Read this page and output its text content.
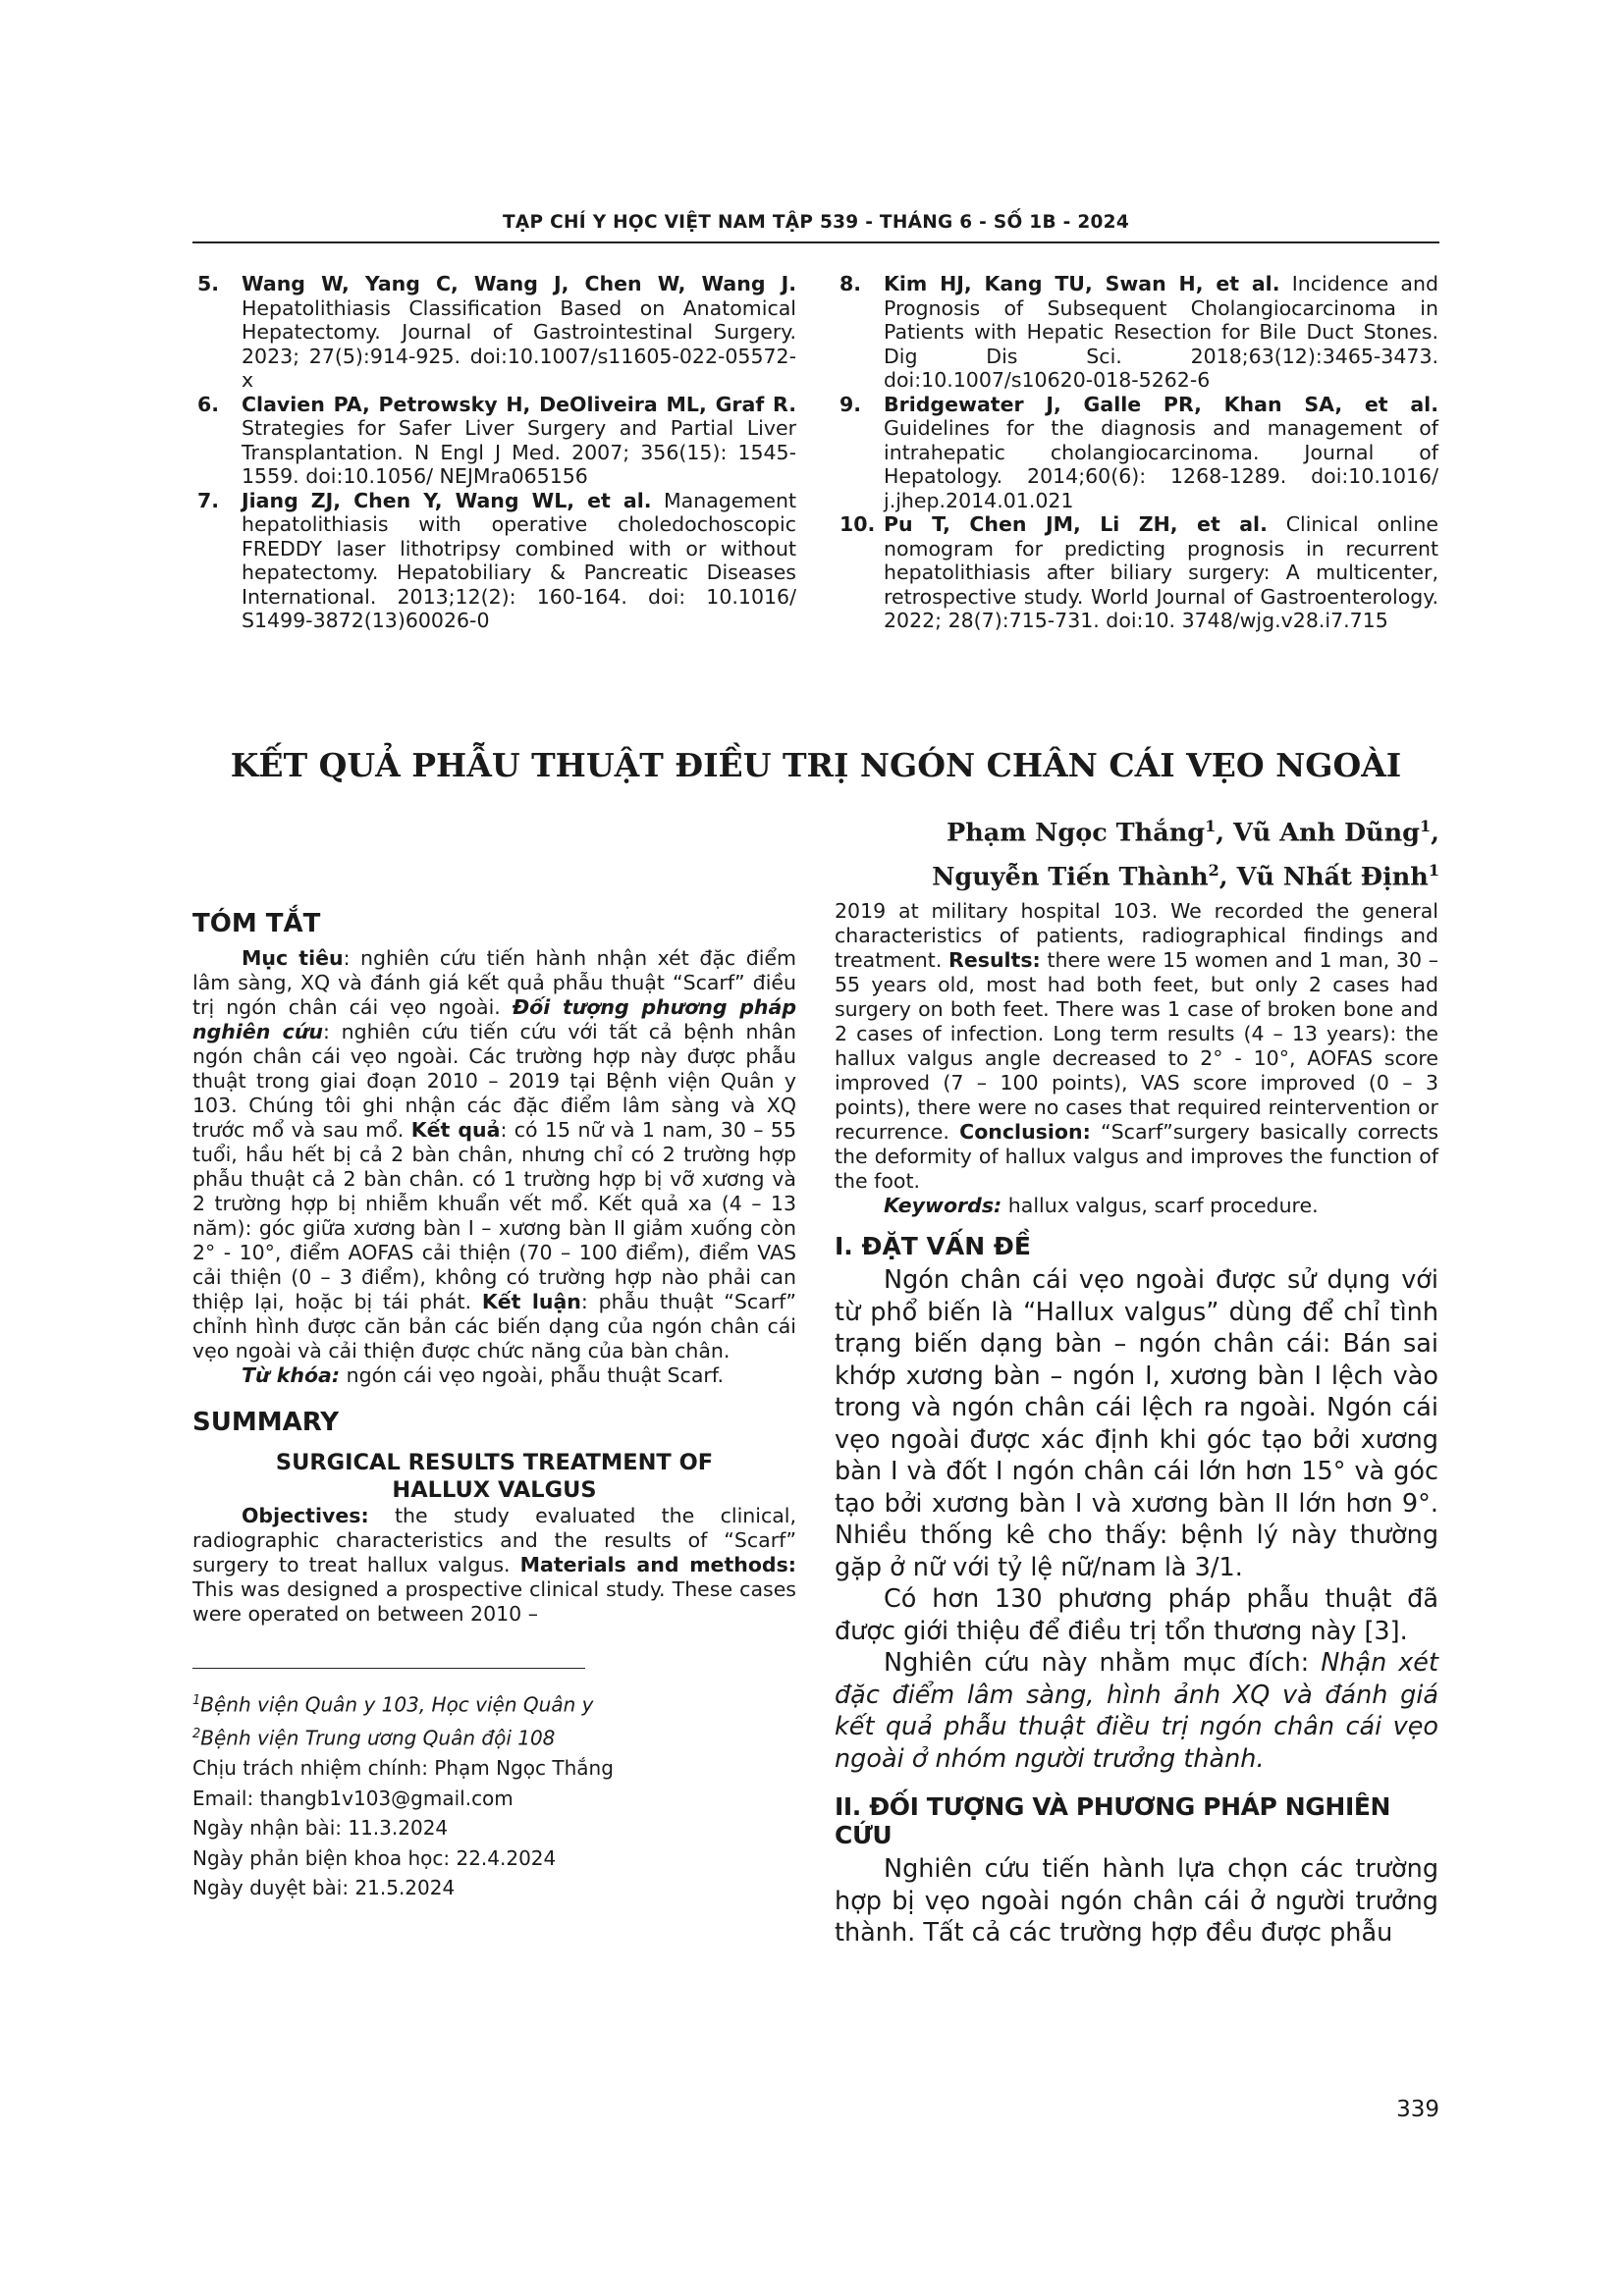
TẠP CHÍ Y HỌC VIỆT NAM TẬP 539 - THÁNG 6 - SỐ 1B - 2024
5. Wang W, Yang C, Wang J, Chen W, Wang J. Hepatolithiasis Classification Based on Anatomical Hepatectomy. Journal of Gastrointestinal Surgery. 2023; 27(5):914-925. doi:10.1007/s11605-022-05572-x
6. Clavien PA, Petrowsky H, DeOliveira ML, Graf R. Strategies for Safer Liver Surgery and Partial Liver Transplantation. N Engl J Med. 2007; 356(15): 1545-1559. doi:10.1056/ NEJMra065156
7. Jiang ZJ, Chen Y, Wang WL, et al. Management hepatolithiasis with operative choledochoscopic FREDDY laser lithotripsy combined with or without hepatectomy. Hepatobiliary & Pancreatic Diseases International. 2013;12(2): 160-164. doi: 10.1016/ S1499-3872(13)60026-0
8. Kim HJ, Kang TU, Swan H, et al. Incidence and Prognosis of Subsequent Cholangiocarcinoma in Patients with Hepatic Resection for Bile Duct Stones. Dig Dis Sci. 2018;63(12):3465-3473. doi:10.1007/s10620-018-5262-6
9. Bridgewater J, Galle PR, Khan SA, et al. Guidelines for the diagnosis and management of intrahepatic cholangiocarcinoma. Journal of Hepatology. 2014;60(6): 1268-1289. doi:10.1016/ j.jhep.2014.01.021
10. Pu T, Chen JM, Li ZH, et al. Clinical online nomogram for predicting prognosis in recurrent hepatolithiasis after biliary surgery: A multicenter, retrospective study. World Journal of Gastroenterology. 2022; 28(7):715-731. doi:10. 3748/wjg.v28.i7.715
KẾT QUẢ PHẪU THUẬT ĐIỀU TRỊ NGÓN CHÂN CÁI VẸO NGOÀI
Phạm Ngọc Thắng$^1$, Vũ Anh Dũng$^1$,
Nguyễn Tiến Thành$^2$, Vũ Nhất Định$^1$
TÓM TẮT

Mục tiêu: nghiên cứu tiến hành nhận xét đặc điểm lâm sàng, XQ và đánh giá kết quả phẫu thuật “Scarf” điều trị ngón chân cái vẹo ngoài. Đối tượng phương pháp nghiên cứu: nghiên cứu tiến cứu với tất cả bệnh nhân ngón chân cái vẹo ngoài. Các trường hợp này được phẫu thuật trong giai đoạn 2010 – 2019 tại Bệnh viện Quân y 103. Chúng tôi ghi nhận các đặc điểm lâm sàng và XQ trước mổ và sau mổ. Kết quả: có 15 nữ và 1 nam, 30 – 55 tuổi, hầu hết bị cả 2 bàn chân, nhưng chỉ có 2 trường hợp phẫu thuật cả 2 bàn chân. có 1 trường hợp bị vỡ xương và 2 trường hợp bị nhiễm khuẩn vết mổ. Kết quả xa (4 – 13 năm): góc giữa xương bàn I – xương bàn II giảm xuống còn 2° - 10°, điểm AOFAS cải thiện (70 – 100 điểm), điểm VAS cải thiện (0 – 3 điểm), không có trường hợp nào phải can thiệp lại, hoặc bị tái phát. Kết luận: phẫu thuật “Scarf” chỉnh hình được căn bản các biến dạng của ngón chân cái vẹo ngoài và cải thiện được chức năng của bàn chân.

Từ khóa: ngón cái vẹo ngoài, phẫu thuật Scarf.

SUMMARY
SURGICAL RESULTS TREATMENT OF
HALLUX VALGUS

Objectives: the study evaluated the clinical, radiographic characteristics and the results of “Scarf” surgery to treat hallux valgus. Materials and methods: This was designed a prospective clinical study. These cases were operated on between 2010 –

$^1$Bệnh viện Quân y 103, Học viện Quân y

$^2$Bệnh viện Trung ương Quân đội 108

Chịu trách nhiệm chính: Phạm Ngọc Thắng

Email: thangb1v103@gmail.com

Ngày nhận bài: 11.3.2024

Ngày phản biện khoa học: 22.4.2024

Ngày duyệt bài: 21.5.2024

2019 at military hospital 103. We recorded the general characteristics of patients, radiographical findings and treatment. Results: there were 15 women and 1 man, 30 – 55 years old, most had both feet, but only 2 cases had surgery on both feet. There was 1 case of broken bone and 2 cases of infection. Long term results (4 – 13 years): the hallux valgus angle decreased to 2° - 10°, AOFAS score improved (7 – 100 points), VAS score improved (0 – 3 points), there were no cases that required reintervention or recurrence. Conclusion: “Scarf”surgery basically corrects the deformity of hallux valgus and improves the function of the foot.

Keywords: hallux valgus, scarf procedure.

I. ĐẶT VẤN ĐỀ

Ngón chân cái vẹo ngoài được sử dụng với từ phổ biến là “Hallux valgus” dùng để chỉ tình trạng biến dạng bàn – ngón chân cái: Bán sai khớp xương bàn – ngón I, xương bàn I lệch vào trong và ngón chân cái lệch ra ngoài. Ngón cái vẹo ngoài được xác định khi góc tạo bởi xương bàn I và đốt I ngón chân cái lớn hơn 15° và góc tạo bởi xương bàn I và xương bàn II lớn hơn 9°. Nhiều thống kê cho thấy: bệnh lý này thường gặp ở nữ với tỷ lệ nữ/nam là 3/1.

Có hơn 130 phương pháp phẫu thuật đã được giới thiệu để điều trị tổn thương này [3].

Nghiên cứu này nhằm mục đích: Nhận xét đặc điểm lâm sàng, hình ảnh XQ và đánh giá kết quả phẫu thuật điều trị ngón chân cái vẹo ngoài ở nhóm người trưởng thành.

II. ĐỐI TƯỢNG VÀ PHƯƠNG PHÁP NGHIÊN CỨU

Nghiên cứu tiến hành lựa chọn các trường hợp bị vẹo ngoài ngón chân cái ở người trưởng thành. Tất cả các trường hợp đều được phẫu

339
